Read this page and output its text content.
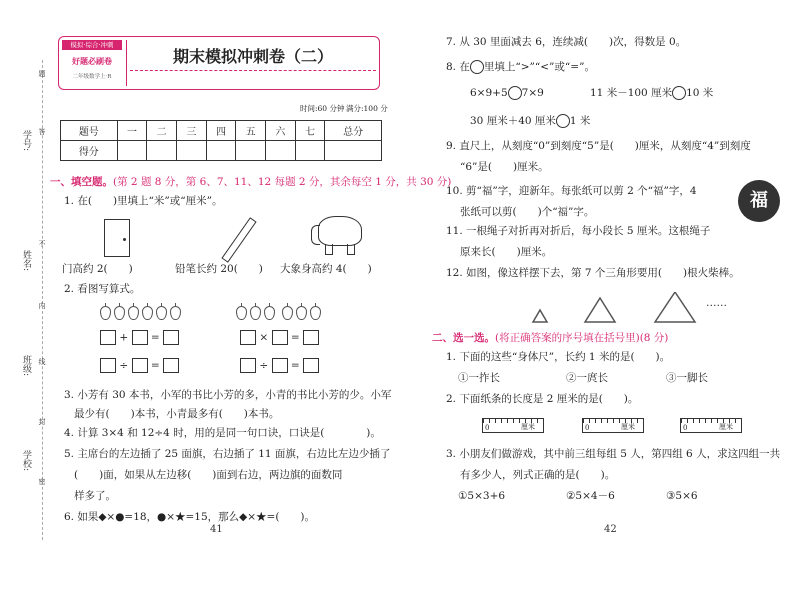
学号:
姓名:
班级:
学校:
题
答
不
内
线
封
密
模拟·综合·冲刺
好题必刷卷
二年级数学上·R
期末模拟冲刺卷（二）
时间:60 分钟 满分:100 分
题号	一	二	三	四	五	六	七	总分
得分								
一、填空题。(第 2 题 8 分，第 6、7、11、12 每题 2 分，其余每空 1 分，共 30 分)
1. 在(　　)里填上“米”或“厘米”。
门高约 2(　　)	铅笔长约 20(　　) 大象身高约 4(　　)
2. 看图写算式。
+ =	× =
÷ =	÷ =
3. 小芳有 30 本书，小军的书比小芳的多，小青的书比小芳的少。小军
最少有(　　)本书，小青最多有(　　)本书。
4. 计算 3×4 和 12÷4 时，用的是同一句口诀，口诀是(　　　　)。
5. 主席台的左边插了 25 面旗，右边插了 11 面旗，右边比左边少插了
(　　)面，如果从左边移(　　)面到右边，两边旗的面数同
样多了。
6. 如果◆×●=18，●×★=15，那么◆×★=(　　)。
41
7. 从 30 里面减去 6，连续减(　　)次，得数是 0。
8. 在 里填上“>”“<”或“=”。
6×9+5 7×9	11 米－100 厘米 10 米
30 厘米＋40 厘米 1 米
9. 直尺上，从刻度“0”到刻度“5”是(　　)厘米，从刻度“4”到刻度
“6”是(　　)厘米。
10. 剪“福”字，迎新年。每张纸可以剪 2 个“福”字，4
张纸可以剪(　　)个“福”字。
福
11. 一根绳子对折再对折后，每小段长 5 厘米。这根绳子
原来长(　　)厘米。
12. 如图，像这样摆下去，第 7 个三角形要用(　　)根火柴棒。
……
二、选一选。(将正确答案的序号填在括号里)(8 分)
1. 下面的这些“身体尺”，长约 1 米的是(　　)。
①一拃长	②一庹长	③一脚长
2. 下面纸条的长度是 2 厘米的是(　　)。
0	厘米	0	厘米	0	厘米
3. 小朋友们做游戏，其中前三组每组 5 人，第四组 6 人，求这四组一共
有多少人，列式正确的是(　　)。
①5×3+6	②5×4－6	③5×6
42
